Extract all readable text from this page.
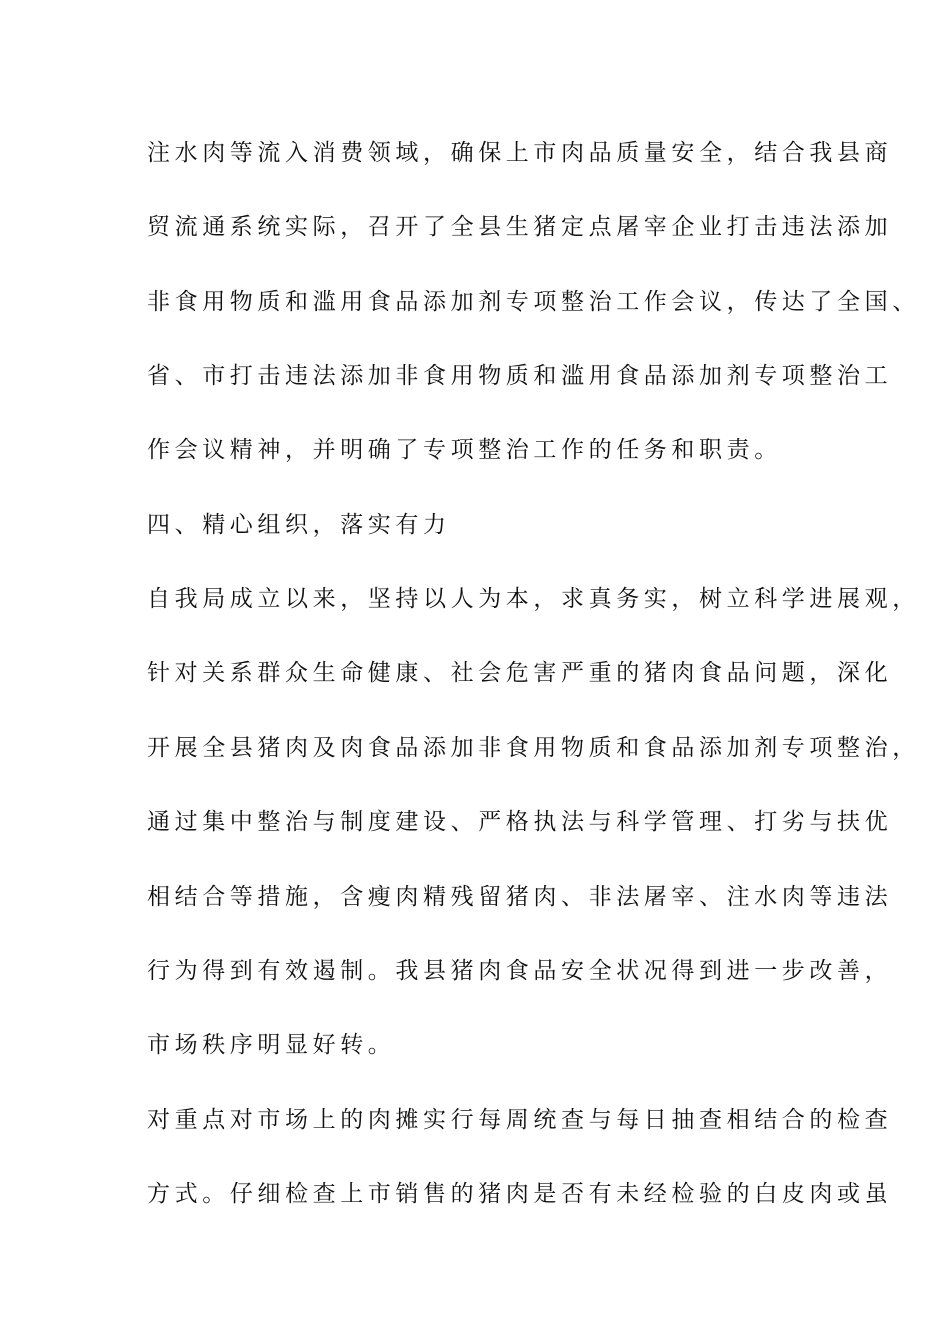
注水肉等流入消费领域，确保上市肉品质量安全，结合我县商
贸流通系统实际，召开了全县生猪定点屠宰企业打击违法添加
非食用物质和滥用食品添加剂专项整治工作会议，传达了全国、
省、市打击违法添加非食用物质和滥用食品添加剂专项整治工
作会议精神，并明确了专项整治工作的任务和职责。
四、精心组织，落实有力
自我局成立以来，坚持以人为本，求真务实，树立科学进展观，
针对关系群众生命健康、社会危害严重的猪肉食品问题，深化
开展全县猪肉及肉食品添加非食用物质和食品添加剂专项整治，
通过集中整治与制度建设、严格执法与科学管理、打劣与扶优
相结合等措施，含瘦肉精残留猪肉、非法屠宰、注水肉等违法
行为得到有效遏制。我县猪肉食品安全状况得到进一步改善，
市场秩序明显好转。
对重点对市场上的肉摊实行每周统查与每日抽查相结合的检查
方式。仔细检查上市销售的猪肉是否有未经检验的白皮肉或虽
